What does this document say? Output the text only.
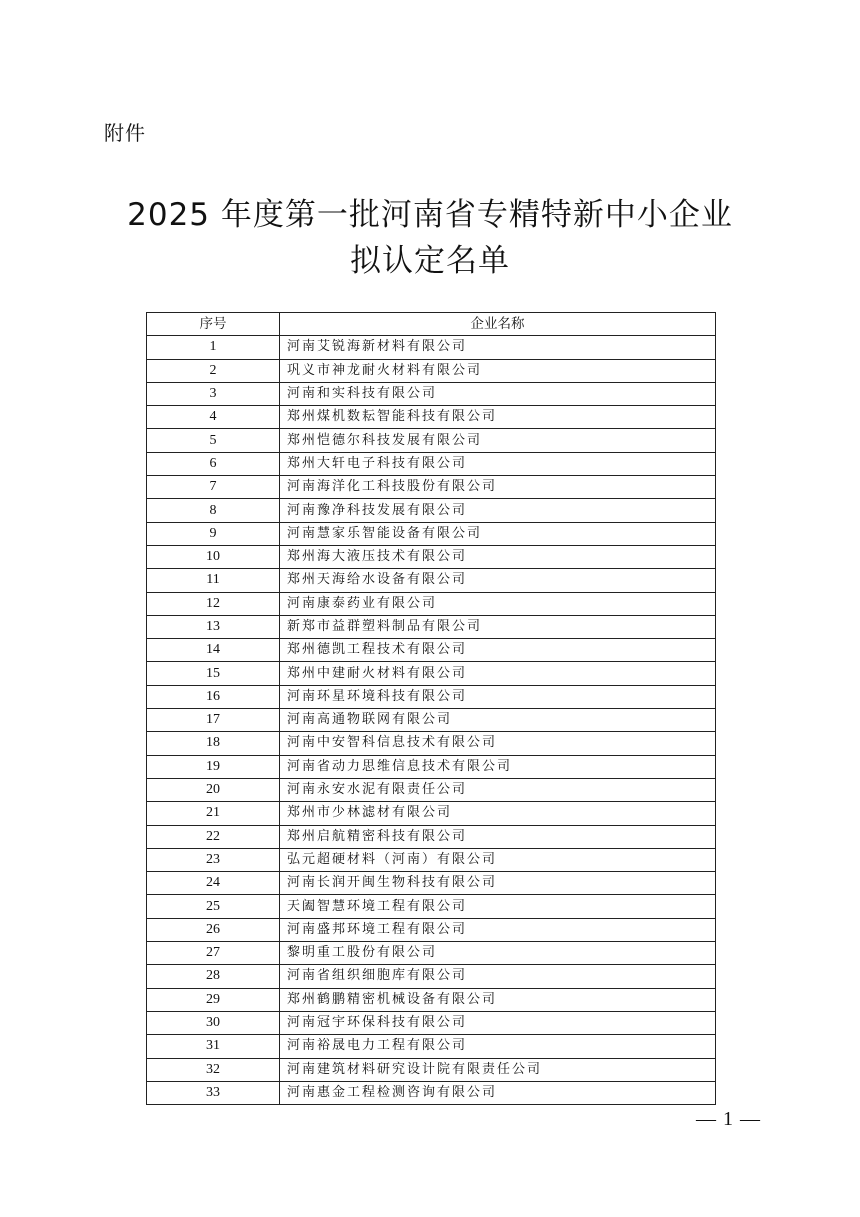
附件
2025 年度第一批河南省专精特新中小企业
拟认定名单
序号	企业名称
1	河南艾锐海新材料有限公司
2	巩义市神龙耐火材料有限公司
3	河南和实科技有限公司
4	郑州煤机数耘智能科技有限公司
5	郑州恺德尔科技发展有限公司
6	郑州大轩电子科技有限公司
7	河南海洋化工科技股份有限公司
8	河南豫净科技发展有限公司
9	河南慧家乐智能设备有限公司
10	郑州海大液压技术有限公司
11	郑州天海给水设备有限公司
12	河南康泰药业有限公司
13	新郑市益群塑料制品有限公司
14	郑州德凯工程技术有限公司
15	郑州中建耐火材料有限公司
16	河南环星环境科技有限公司
17	河南高通物联网有限公司
18	河南中安智科信息技术有限公司
19	河南省动力思维信息技术有限公司
20	河南永安水泥有限责任公司
21	郑州市少林滤材有限公司
22	郑州启航精密科技有限公司
23	弘元超硬材料（河南）有限公司
24	河南长润开闽生物科技有限公司
25	天阖智慧环境工程有限公司
26	河南盛邦环境工程有限公司
27	黎明重工股份有限公司
28	河南省组织细胞库有限公司
29	郑州鹤鹏精密机械设备有限公司
30	河南冠宇环保科技有限公司
31	河南裕晟电力工程有限公司
32	河南建筑材料研究设计院有限责任公司
33	河南惠金工程检测咨询有限公司
— 1 —
